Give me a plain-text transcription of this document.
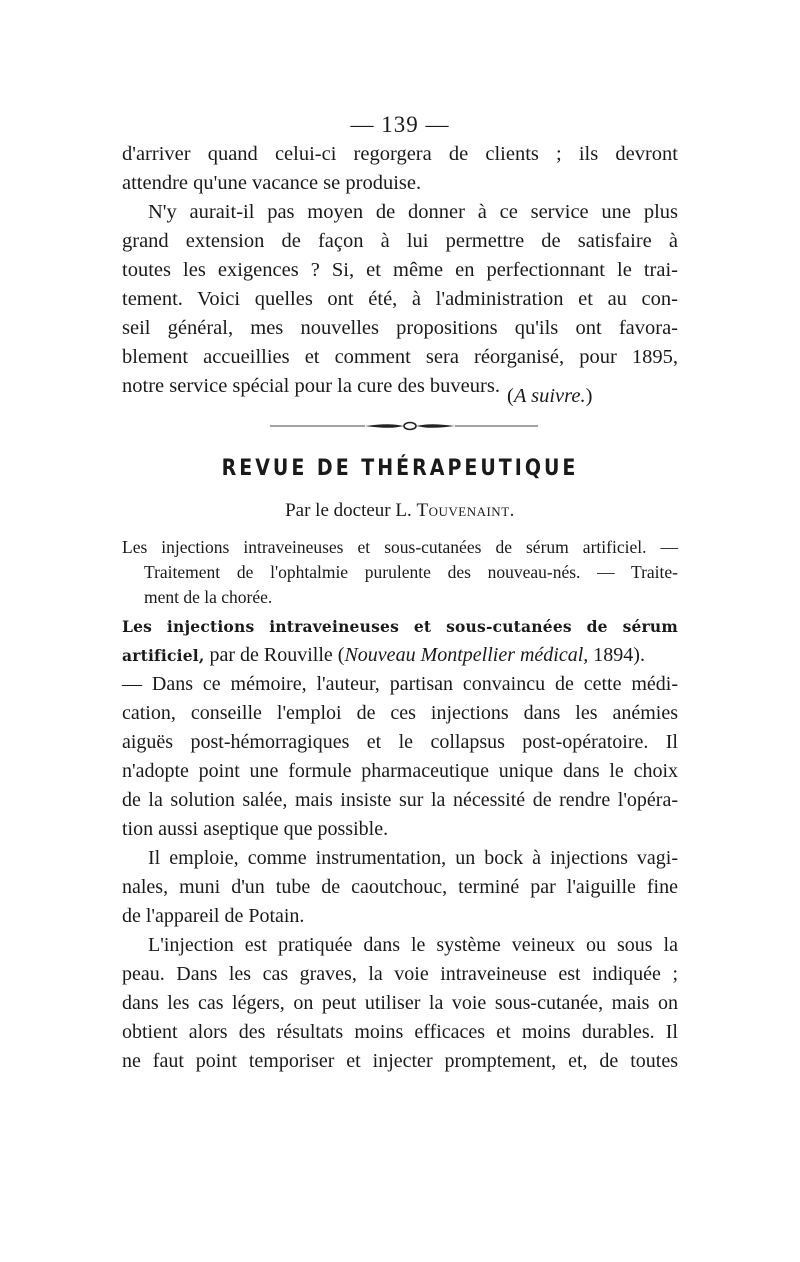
— 139 —
d'arriver quand celui-ci regorgera de clients ; ils devront
attendre qu'une vacance se produise.
N'y aurait-il pas moyen de donner à ce service une plus
grand extension de façon à lui permettre de satisfaire à
toutes les exigences ? Si, et même en perfectionnant le trai-
tement. Voici quelles ont été, à l'administration et au con-
seil général, mes nouvelles propositions qu'ils ont favora-
blement accueillies et comment sera réorganisé, pour 1895,
notre service spécial pour la cure des buveurs. (A suivre.)
REVUE DE THÉRAPEUTIQUE
Par le docteur L. Touvenaint.
Les injections intraveineuses et sous-cutanées de sérum artificiel. —
Traitement de l'ophtalmie purulente des nouveau-nés. — Traite-
ment de la chorée.
Les injections intraveineuses et sous-cutanées de sérum
artificiel, par de Rouville (Nouveau Montpellier médical, 1894).
— Dans ce mémoire, l'auteur, partisan convaincu de cette médi-
cation, conseille l'emploi de ces injections dans les anémies
aiguës post-hémorragiques et le collapsus post-opératoire. Il
n'adopte point une formule pharmaceutique unique dans le choix
de la solution salée, mais insiste sur la nécessité de rendre l'opéra-
tion aussi aseptique que possible.
Il emploie, comme instrumentation, un bock à injections vagi-
nales, muni d'un tube de caoutchouc, terminé par l'aiguille fine
de l'appareil de Potain.
L'injection est pratiquée dans le système veineux ou sous la
peau. Dans les cas graves, la voie intraveineuse est indiquée ;
dans les cas légers, on peut utiliser la voie sous-cutanée, mais on
obtient alors des résultats moins efficaces et moins durables. Il
ne faut point temporiser et injecter promptement, et, de toutes
